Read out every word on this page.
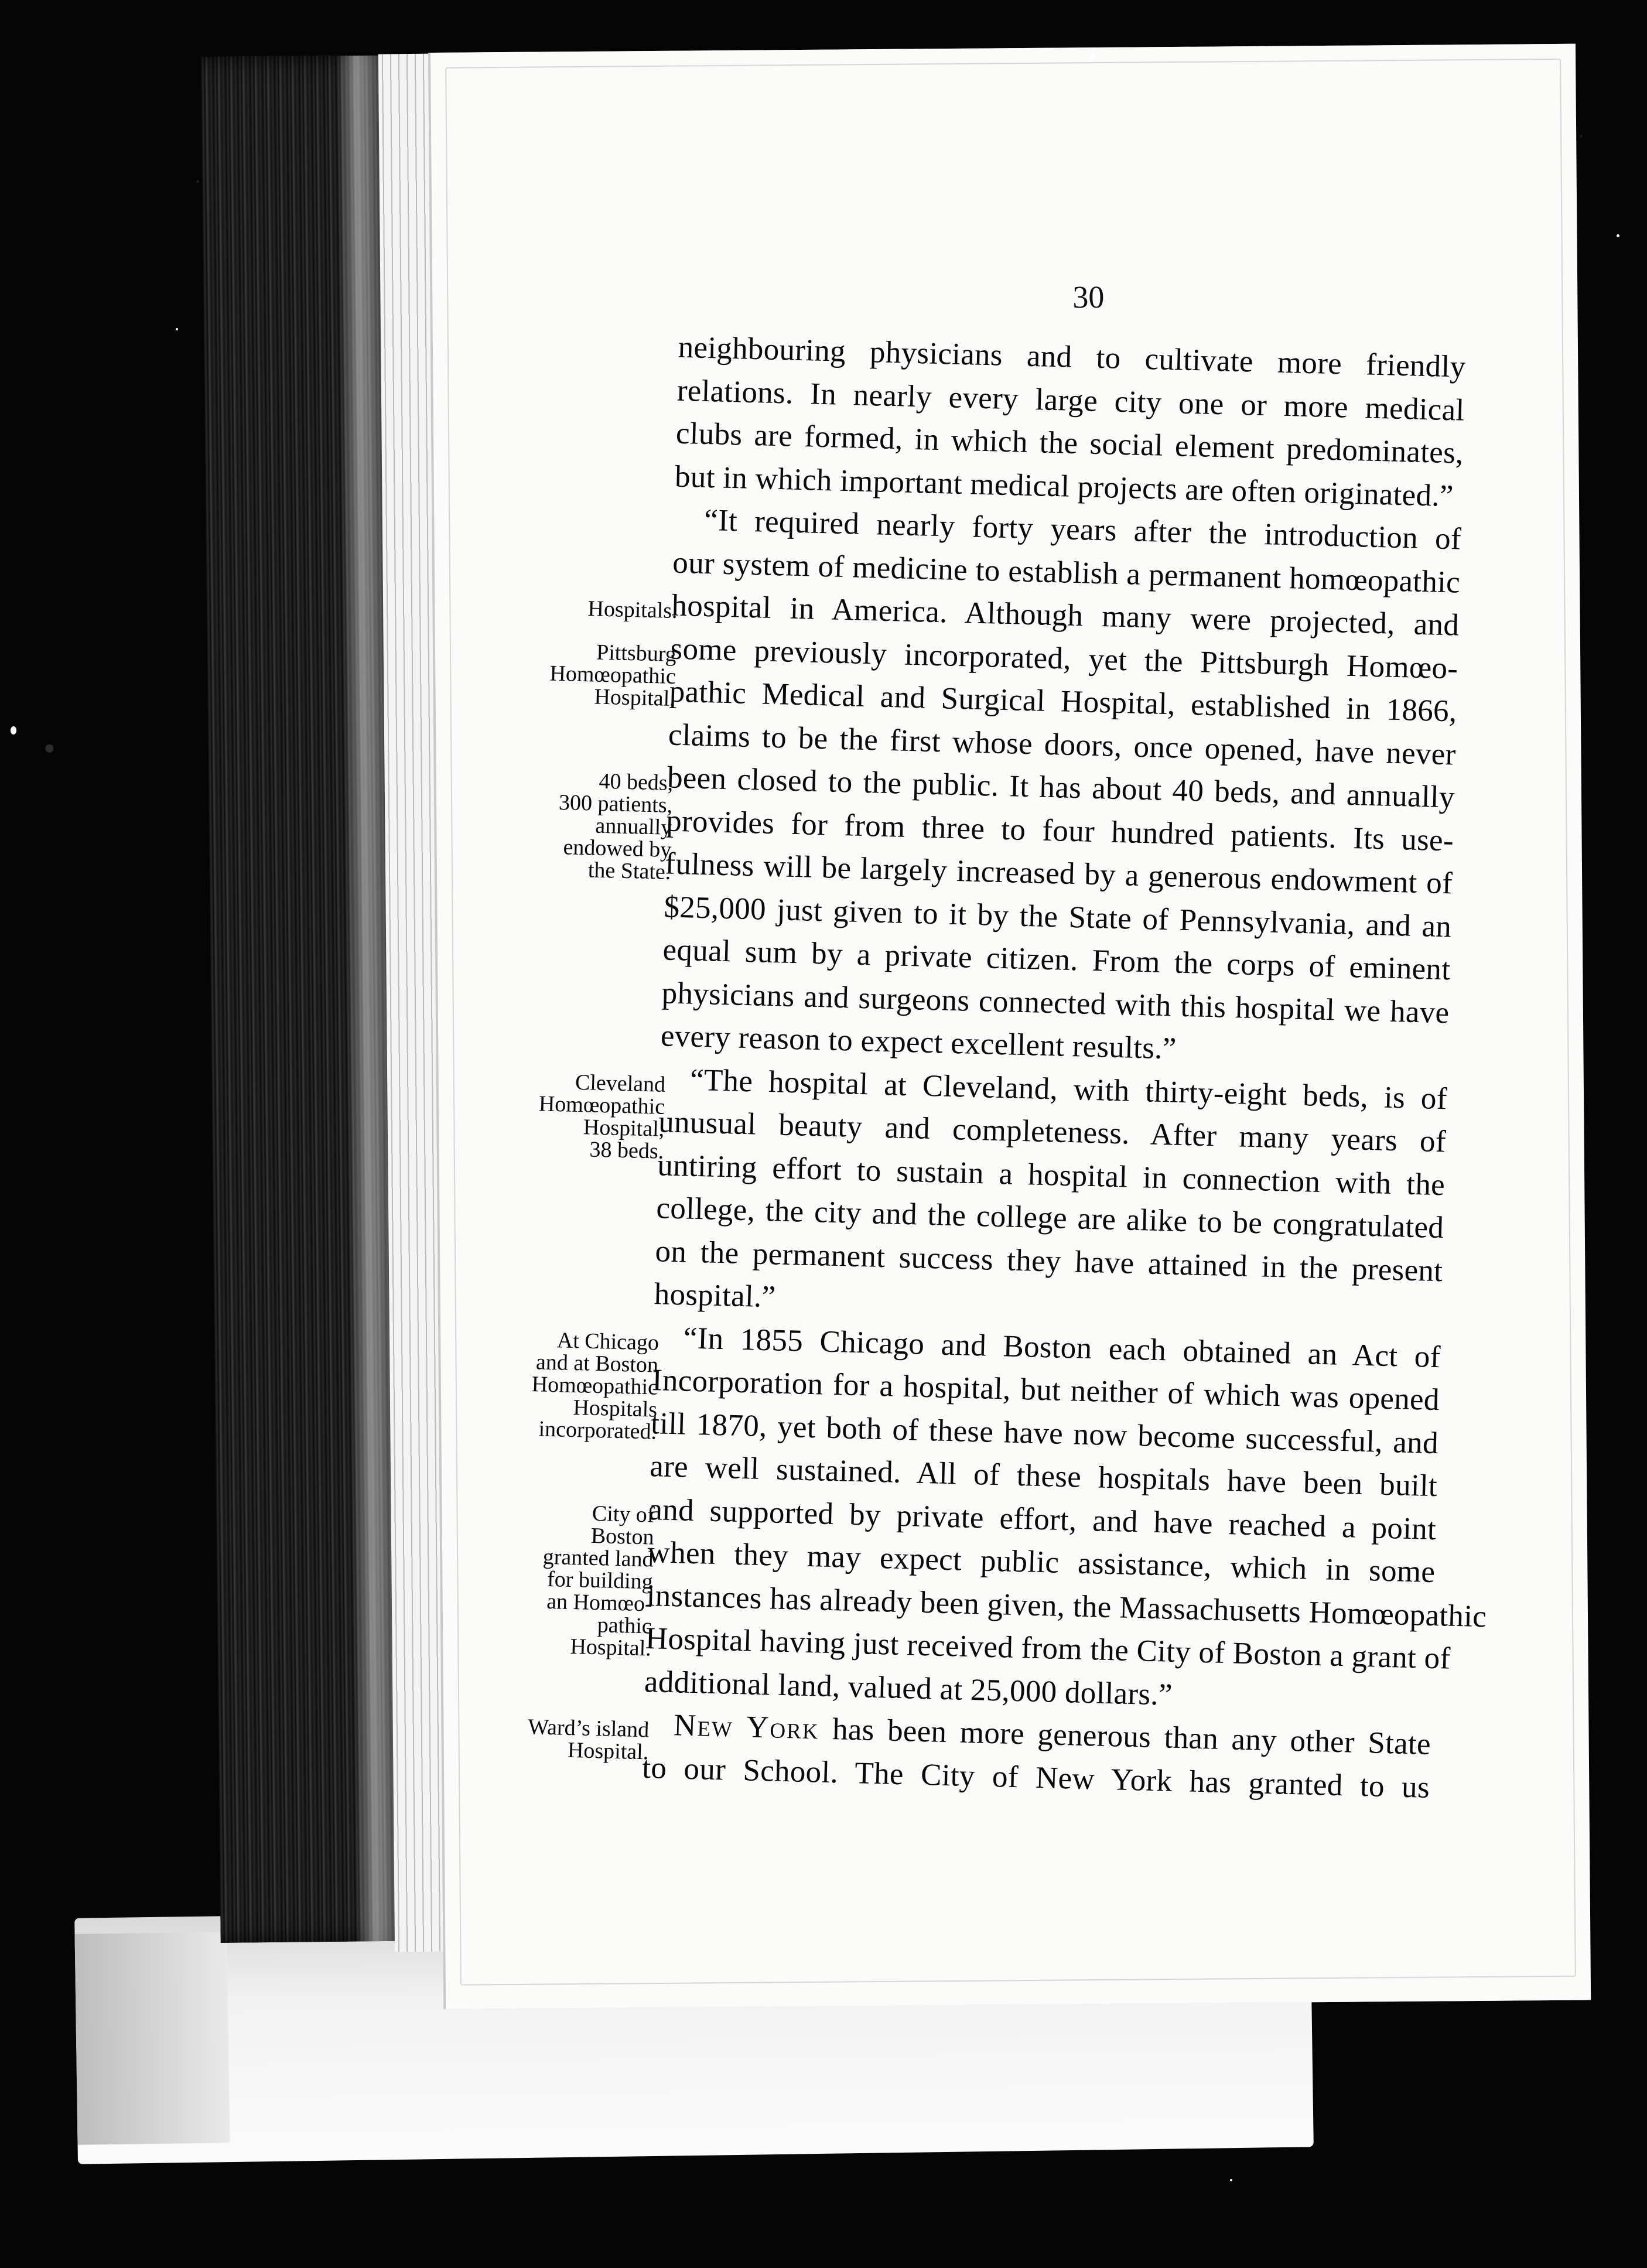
30
Hospitals.
Pittsburg
Homœopathic
Hospital.
40 beds,
300 patients,
annually
endowed by
the State.
Cleveland
Homœopathic
Hospital,
38 beds.
At Chicago
and at Boston
Homœopathic
Hospitals
incorporated.
City of
Boston
granted land
for building
an Homœo-
pathic
Hospital.
Ward’s island
Hospital.
neighbouring physicians and to cultivate more friendly
relations. In nearly every large city one or more medical
clubs are formed, in which the social element predominates,
but in which important medical projects are often originated.”
“It required nearly forty years after the introduction of
our system of medicine to establish a permanent homœopathic
hospital in America. Although many were projected, and
some previously incorporated, yet the Pittsburgh Homœo-
pathic Medical and Surgical Hospital, established in 1866,
claims to be the first whose doors, once opened, have never
been closed to the public. It has about 40 beds, and annually
provides for from three to four hundred patients. Its use-
fulness will be largely increased by a generous endowment of
$25,000 just given to it by the State of Pennsylvania, and an
equal sum by a private citizen. From the corps of eminent
physicians and surgeons connected with this hospital we have
every reason to expect excellent results.”
“The hospital at Cleveland, with thirty-eight beds, is of
unusual beauty and completeness. After many years of
untiring effort to sustain a hospital in connection with the
college, the city and the college are alike to be congratulated
on the permanent success they have attained in the present
hospital.”
“In 1855 Chicago and Boston each obtained an Act of
Incorporation for a hospital, but neither of which was opened
till 1870, yet both of these have now become successful, and
are well sustained. All of these hospitals have been built
and supported by private effort, and have reached a point
when they may expect public assistance, which in some
instances has already been given, the Massachusetts Homœopathic
Hospital having just received from the City of Boston a grant of
additional land, valued at 25,000 dollars.”
New York has been more generous than any other State
to our School. The City of New York has granted to us
